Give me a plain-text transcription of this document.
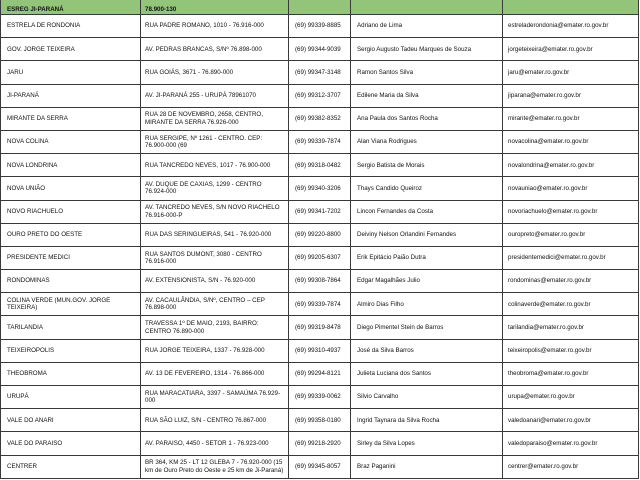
ESREG JI-PARANÁ	78.900-130			
ESTRELA DE RONDONIA	RUA PADRE ROMANO, 1010 - 76.916-000	(69) 99339-8885	Adriano de Lima	estreladerondonia@emater.ro.gov.br
GOV. JORGE TEIXEIRA	AV. PEDRAS BRANCAS, S/Nº 76.898-000	(69) 99344-9039	Sergio Augusto Tadeu Marques de Souza	jorgeteixeira@emater.ro.gov.br
JARU	RUA GOIÁS, 3671 - 76.890-000	(69) 99347-3148	Ramon Santos Silva	jaru@emater.ro.gov.br
JI-PARANÁ	AV. JI-PARANÁ 255 - URUPÁ 78961070	(69) 99312-3707	Edilene Maria da Silva	jiparana@emater.ro.gov.br
MIRANTE DA SERRA	RUA 28 DE NOVEMBRO, 2658, CENTRO, MIRANTE DA SERRA 76.926-000	(69) 99382-8352	Ana Paula dos Santos Rocha	mirante@emater.ro.gov.br
NOVA COLINA	RUA SERGIPE, Nº 1261 - CENTRO. CEP: 76.900-000 (69	(69) 99339-7874	Alan Viana Rodrigues	novacolina@emater.ro.gov.br
NOVA LONDRINA	RUA TANCREDO NEVES, 1017 - 76.900-000	(69) 99318-0482	Sergio Batista de Morais	novalondrina@emater.ro.gov.br
NOVA UNIÃO	AV. DUQUE DE CAXIAS, 1299 - CENTRO 76.924-000	(69) 99340-3206	Thays Candido Queiroz	novauniao@emater.ro.gov.br
NOVO RIACHUELO	AV. TANCREDO NEVES, S/N NOVO RIACHELO 76.916-000-P	(69) 99341-7202	Lincon Fernandes da Costa	novoriachuelo@emater.ro.gov.br
OURO PRETO DO OESTE	RUA DAS SERINGUEIRAS, 541 - 76.920-000	(69) 99220-8800	Deiviny Nelson Orlandini Fernandes	ouropreto@emater.ro.gov.br
PRESIDENTE MEDICI	RUA SANTOS DUMONT, 3080 - CENTRO 76.916-000	(69) 99205-6307	Erik Epitácio Paião Dutra	presidentemedici@emater.ro.gov.br
RONDOMINAS	AV. EXTENSIONISTA, S/N - 76.920-000	(69) 99308-7864	Edgar Magalhães Julio	rondominas@emater.ro.gov.br
COLINA VERDE (MUN.GOV. JORGE TEIXEIRA)	AV. CACAULÂNDIA, S/Nº, CENTRO – CEP 76.898-000	(69) 99339-7874	Almiro Dias Filho	colinaverde@emater.ro.gov.br
TARILANDIA	TRAVESSA 1º DE MAIO, 2193, BAIRRO: CENTRO 76.890-000	(69) 99319-8478	Diego Pimentel Stein de Barros	tarilandia@emater.ro.gov.br
TEIXEIROPOLIS	RUA JORGE TEIXEIRA, 1337 - 76.928-000	(69) 99310-4937	José da Silva Barros	teixeiropolis@emater.ro.gov.br
THEOBROMA	AV. 13 DE FEVEREIRO, 1314 - 76.866-000	(69) 99294-8121	Julieta Luciana dos Santos	theobroma@emater.ro.gov.br
URUPÁ	RUA MARACATIARA, 3397 - SAMAÚMA 76.929-000	(69) 99339-0062	Silvio Carvalho	urupa@emater.ro.gov.br
VALE DO ANARI	RUA SÃO LUIZ, S/N - CENTRO 76.867-000	(69) 99358-0180	Ingrid Taynara da Silva Rocha	valedoanari@emater.ro.gov.br
VALE DO PARAISO	AV. PARAISO, 4450 - SETOR 1 - 76.923-000	(69) 99218-2920	Sirley da Silva Lopes	valedoparaiso@emater.ro.gov.br
CENTRER	BR 364, KM 25 - LT 12 GLEBA 7 - 76.920-000 (15 km de Ouro Preto do Oeste e 25 km de Ji-Paraná)	(69) 99345-8057	Braz Paganini	centrer@emater.ro.gov.br
